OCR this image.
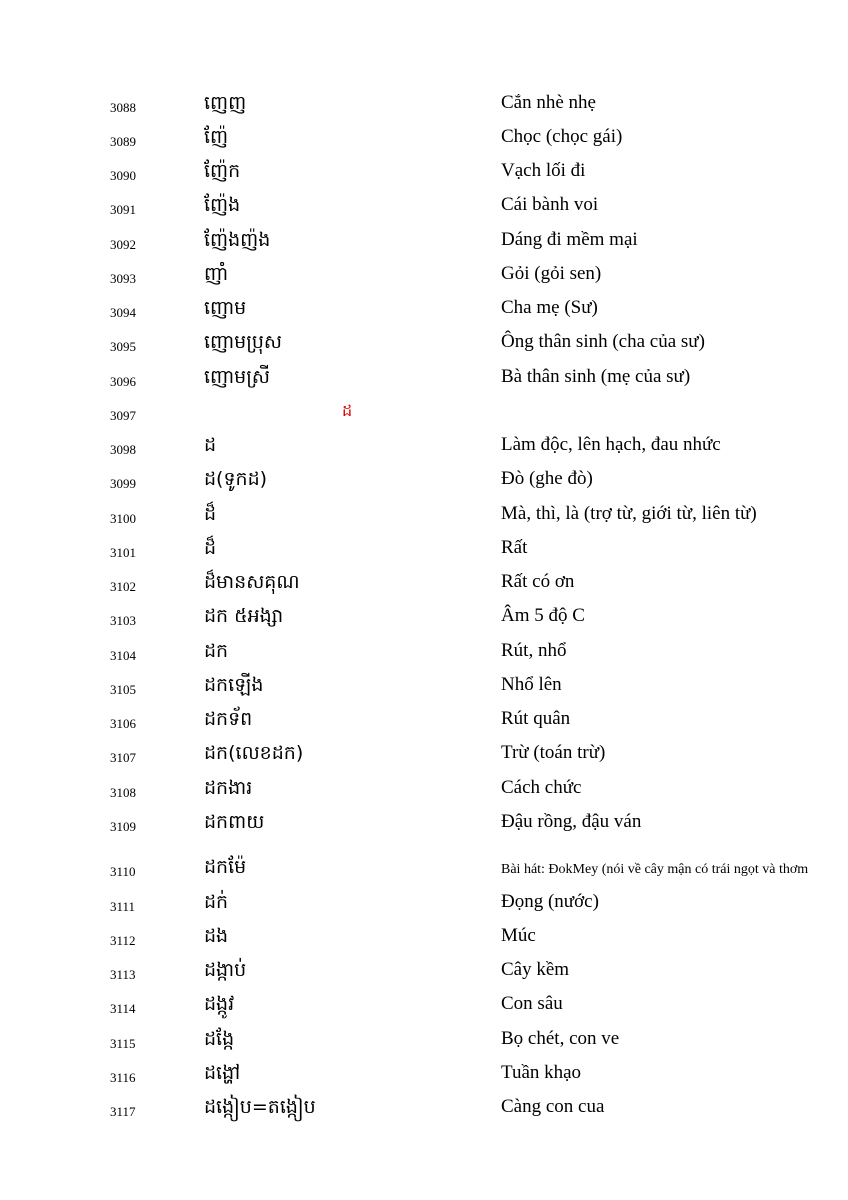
3088	ញេញ	Cắn nhè nhẹ
3089	ញ៉ែ	Chọc (chọc gái)
3090	ញ៉ែក	Vạch lối đi
3091	ញ៉ែង	Cái bành voi
3092	ញ៉ែងញ៉ង	Dáng đi mềm mại
3093	ញាំ	Gỏi (gỏi sen)
3094	ញោម	Cha mẹ (Sư)
3095	ញោមប្រុស	Ông thân sinh (cha của sư)
3096	ញោមស្រី	Bà thân sinh (mẹ của sư)
3097	ដ
3098	ដ	Làm độc, lên hạch, đau nhức
3099	ដ(ទូកដ)	Đò (ghe đò)
3100	ដ៏	Mà, thì, là (trợ từ, giới từ, liên từ)
3101	ដ៏	Rất
3102	ដ៏មានសគុណ	Rất có ơn
3103	ដក ៥អង្សា	Âm 5 độ C
3104	ដក	Rút, nhổ
3105	ដកឡើង	Nhổ lên
3106	ដកទ័ព	Rút quân
3107	ដក(លេខដក)	Trừ (toán trừ)
3108	ដកងារ	Cách chức
3109	ដកពាយ	Đậu rồng, đậu ván
3110	ដកម៉ែ	Bài hát: ĐokMey (nói về cây mận có trái ngọt và thơm
3111	ដក់	Đọng (nước)
3112	ដង	Múc
3113	ដង្កាប់	Cây kềm
3114	ដង្កូវ	Con sâu
3115	ដង្កែ	Bọ chét, con ve
3116	ដង្ហៅ	Tuần khạo
3117	ដង្កៀប=តង្កៀប	Càng con cua
